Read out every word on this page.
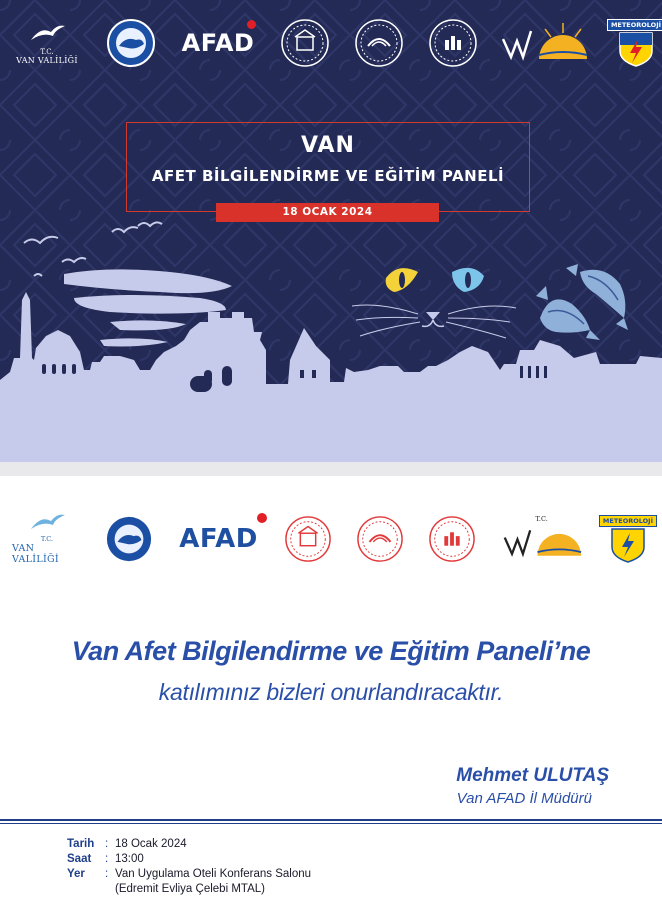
T.C.
VAN VALİLİĞİ
AFAD
METEOROLOJİ
VAN
AFET BİLGİLENDİRME VE EĞİTİM PANELİ
18 OCAK 2024
T.C.
VAN VALİLİĞİ
AFAD
T.C.	METEOROLOJİ
Van Afet Bilgilendirme ve Eğitim Paneli’ne
katılımınız bizleri onurlandıracaktır.
Mehmet ULUTAŞ
Van AFAD İl Müdürü
Tarih : 18 Ocak 2024
Saat	: 13:00
Yer	: Van Uygulama Oteli Konferans Salonu
(Edremit Evliya Çelebi MTAL)
